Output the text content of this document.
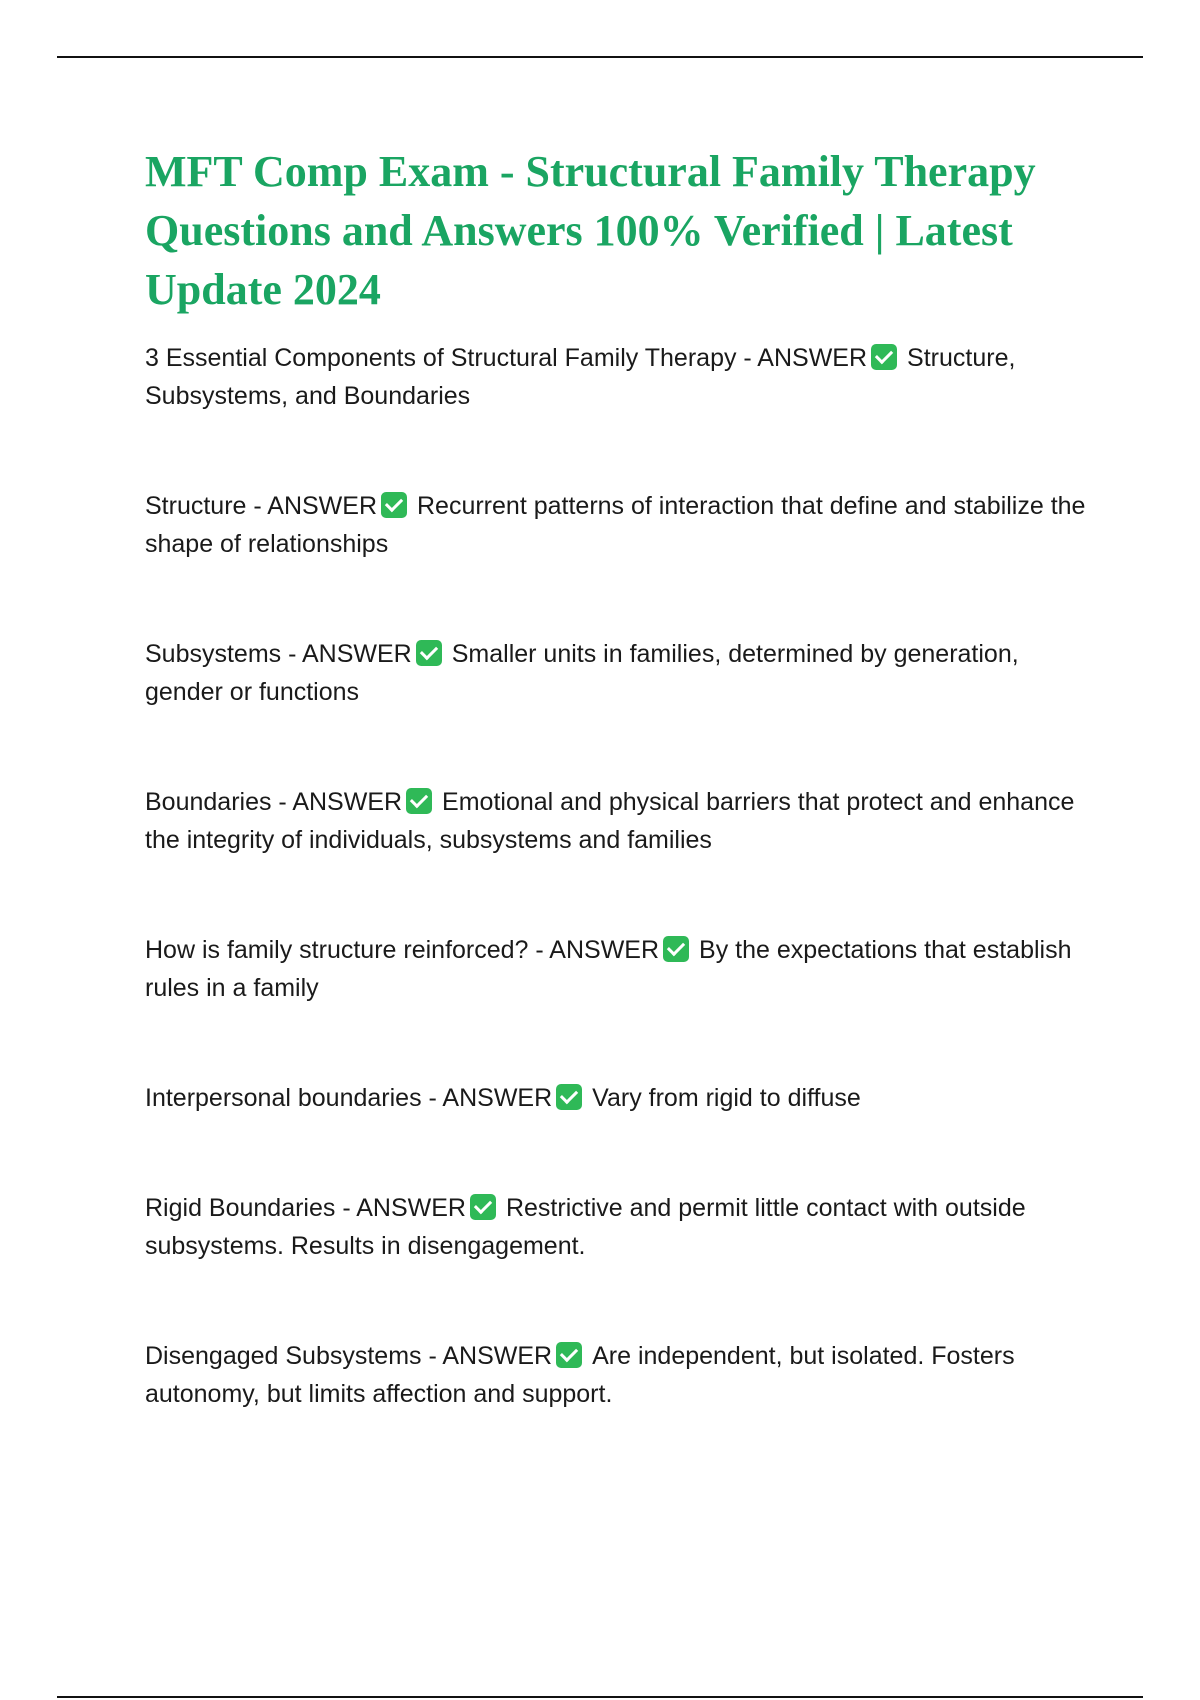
MFT Comp Exam - Structural Family Therapy Questions and Answers 100% Verified | Latest Update 2024
3 Essential Components of Structural Family Therapy - ANSWER Structure, Subsystems, and Boundaries
Structure - ANSWER Recurrent patterns of interaction that define and stabilize the shape of relationships
Subsystems - ANSWER Smaller units in families, determined by generation, gender or functions
Boundaries - ANSWER Emotional and physical barriers that protect and enhance the integrity of individuals, subsystems and families
How is family structure reinforced? - ANSWER By the expectations that establish rules in a family
Interpersonal boundaries - ANSWER Vary from rigid to diffuse
Rigid Boundaries - ANSWER Restrictive and permit little contact with outside subsystems. Results in disengagement.
Disengaged Subsystems - ANSWER Are independent, but isolated. Fosters autonomy, but limits affection and support.
